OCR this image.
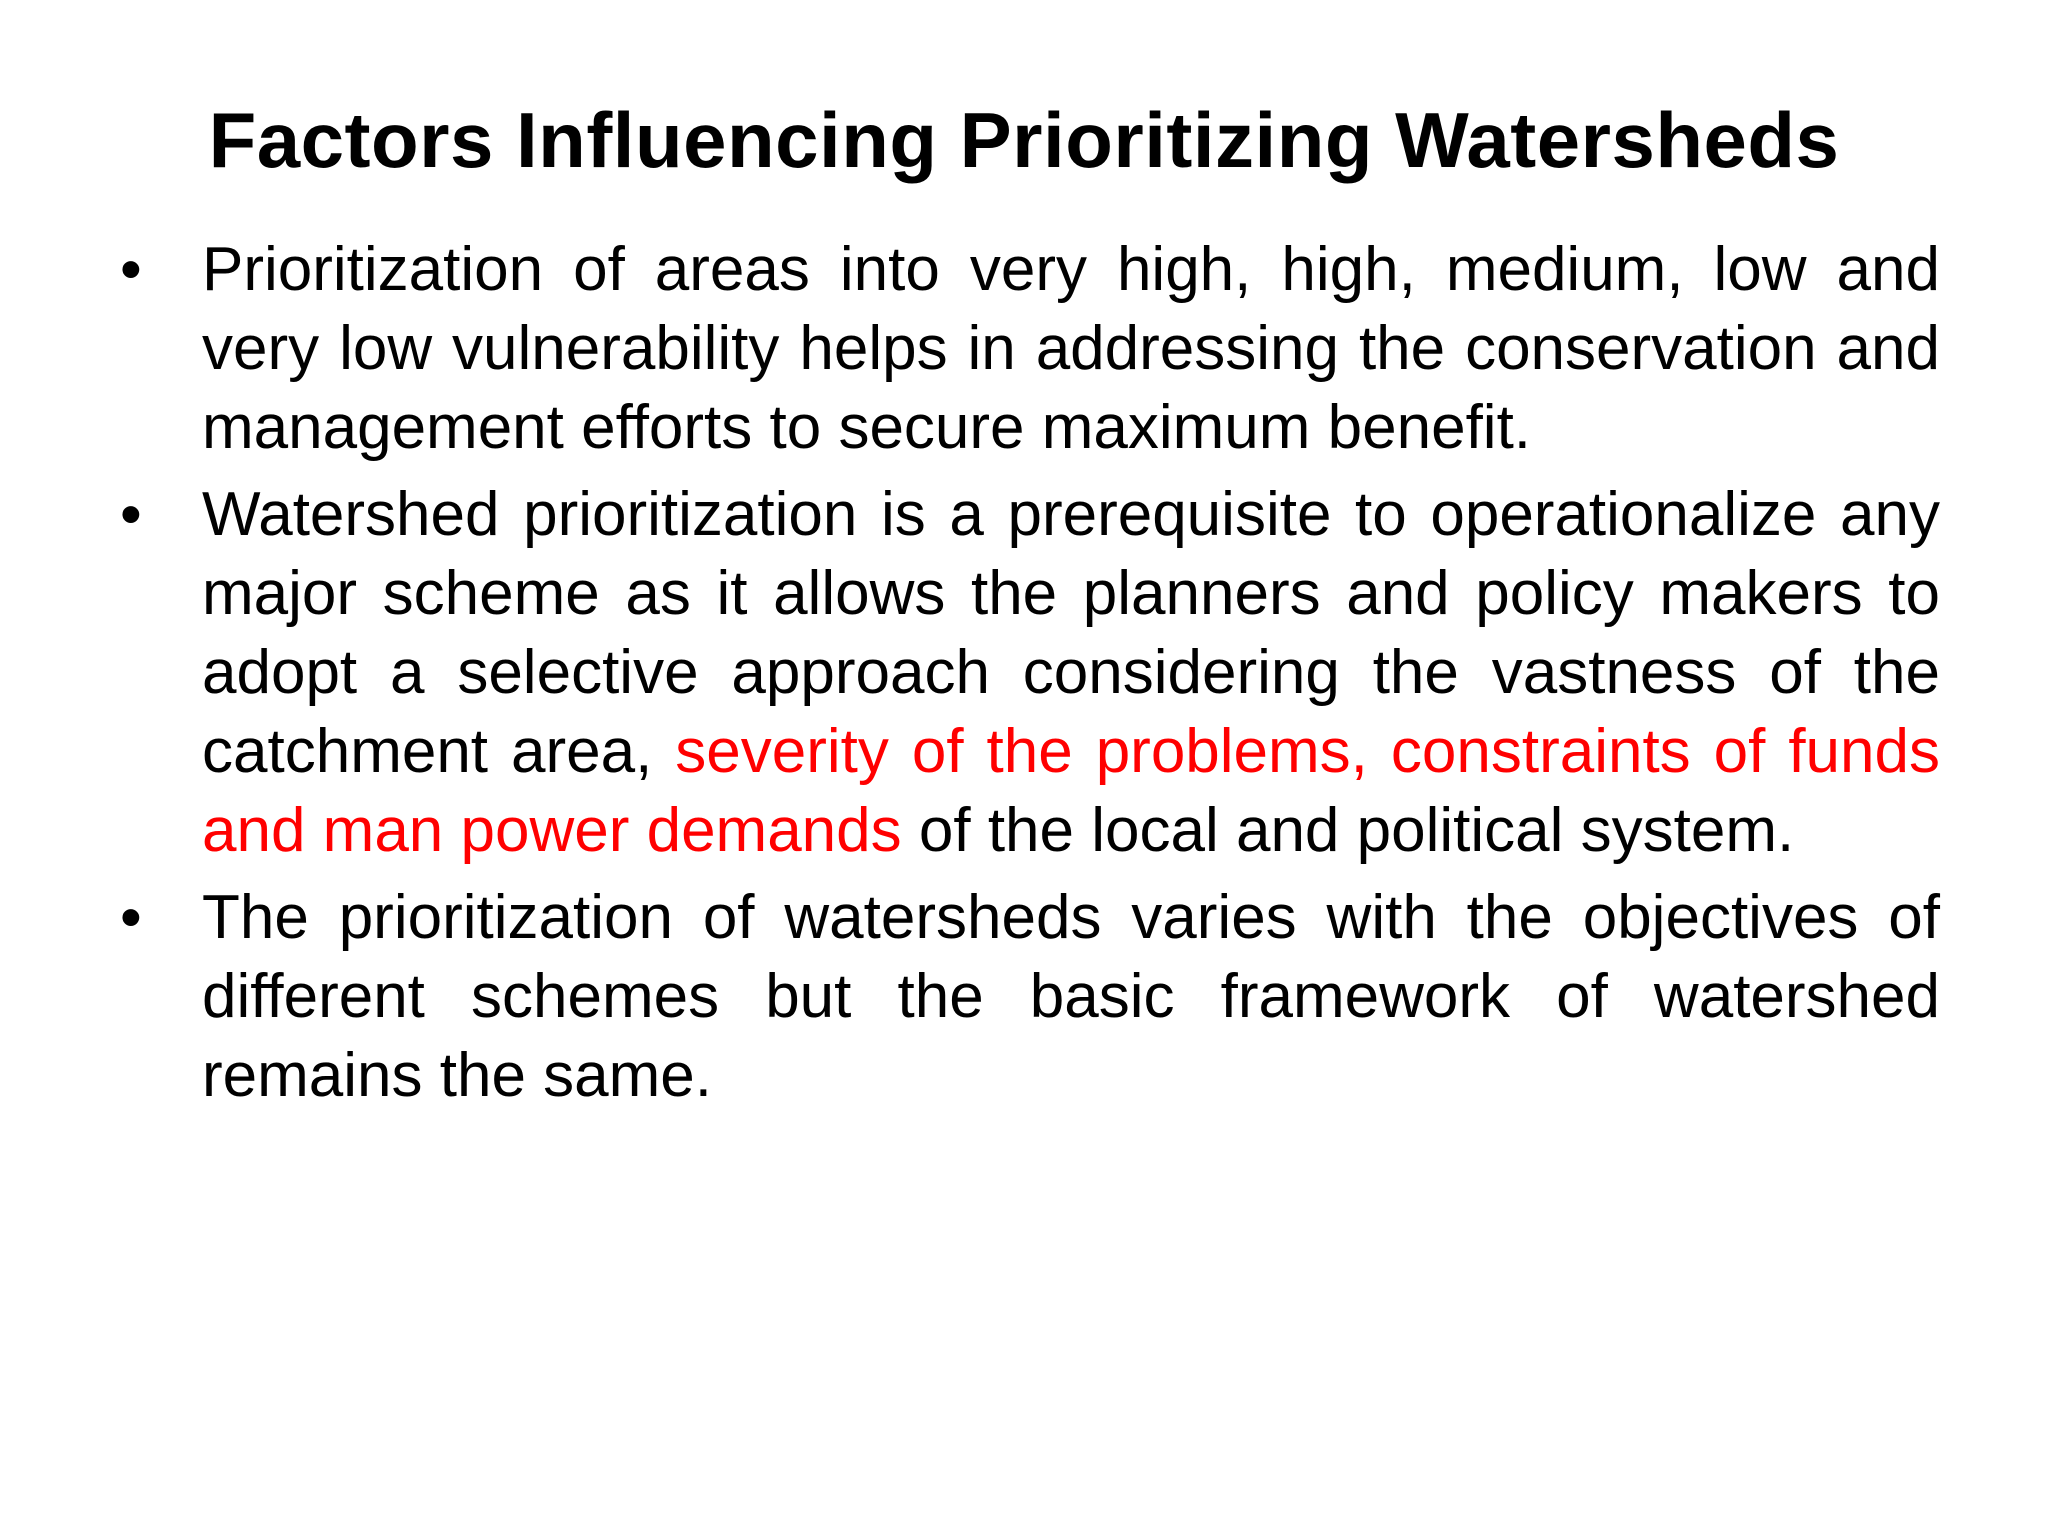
Factors Influencing Prioritizing Watersheds
• Prioritization of areas into very high, high, medium, low and very low vulnerability helps in addressing the conservation and management efforts to secure maximum benefit.
• Watershed prioritization is a prerequisite to operationalize any major scheme as it allows the planners and policy makers to adopt a selective approach considering the vastness of the catchment area, severity of the problems, constraints of funds and man power demands of the local and political system.
• The prioritization of watersheds varies with the objectives of different schemes but the basic framework of watershed remains the same.
